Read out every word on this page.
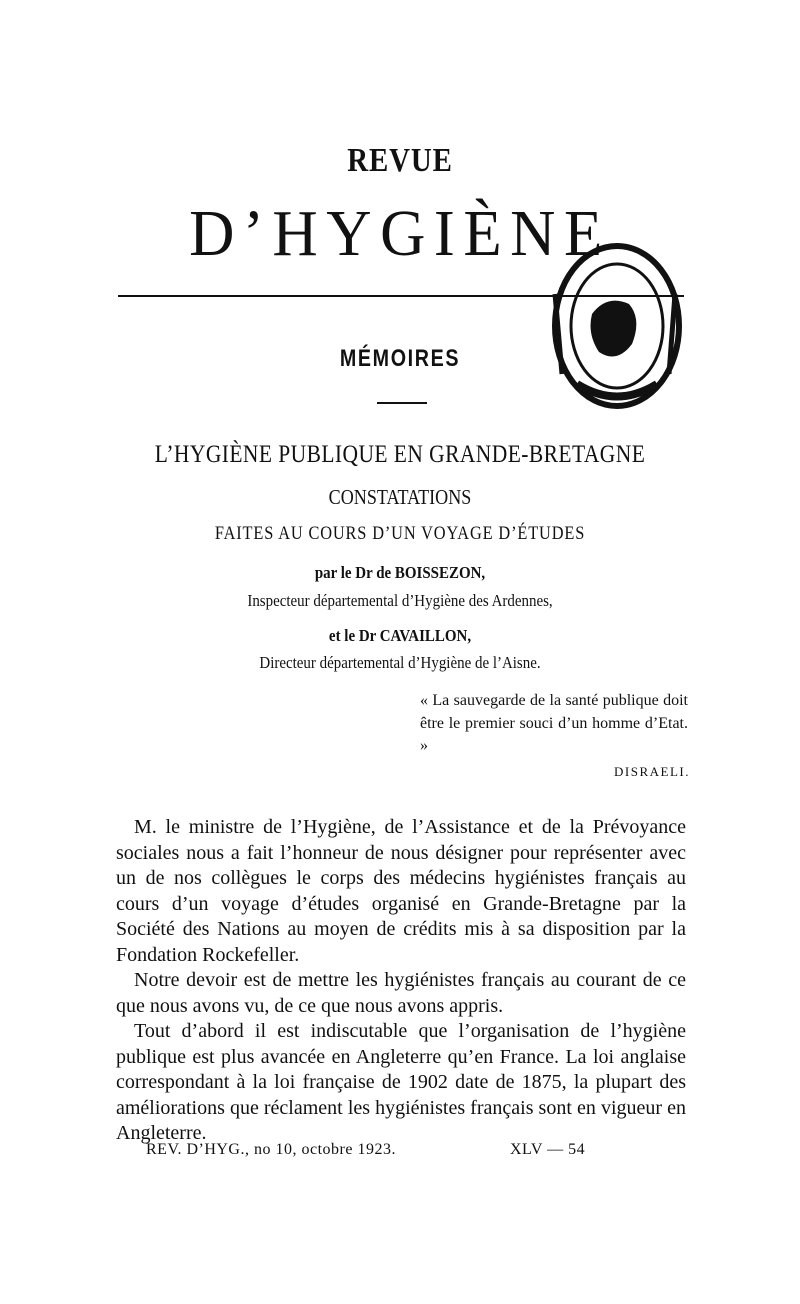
REVUE
D’HYGIÈNE
MÉMOIRES
L’HYGIÈNE PUBLIQUE EN GRANDE-BRETAGNE
CONSTATATIONS
FAITES AU COURS D’UN VOYAGE D’ÉTUDES
par le Dr de BOISSEZON,
Inspecteur départemental d’Hygiène des Ardennes,
et le Dr CAVAILLON,
Directeur départemental d’Hygiène de l’Aisne.
« La sauvegarde de la santé publique doit être le premier souci d’un homme d’Etat. »
DISRAELI.

M. le ministre de l’Hygiène, de l’Assistance et de la Prévoyance sociales nous a fait l’honneur de nous désigner pour représenter avec un de nos collègues le corps des médecins hygiénistes français au cours d’un voyage d’études organisé en Grande-Bretagne par la Société des Nations au moyen de crédits mis à sa disposition par la Fondation Rockefeller.

Notre devoir est de mettre les hygiénistes français au courant de ce que nous avons vu, de ce que nous avons appris.

Tout d’abord il est indiscutable que l’organisation de l’hygiène publique est plus avancée en Angleterre qu’en France. La loi anglaise correspondant à la loi française de 1902 date de 1875, la plupart des améliorations que réclament les hygiénistes français sont en vigueur en Angleterre.

REV. D’HYG., no 10, octobre 1923.	XLV — 54
